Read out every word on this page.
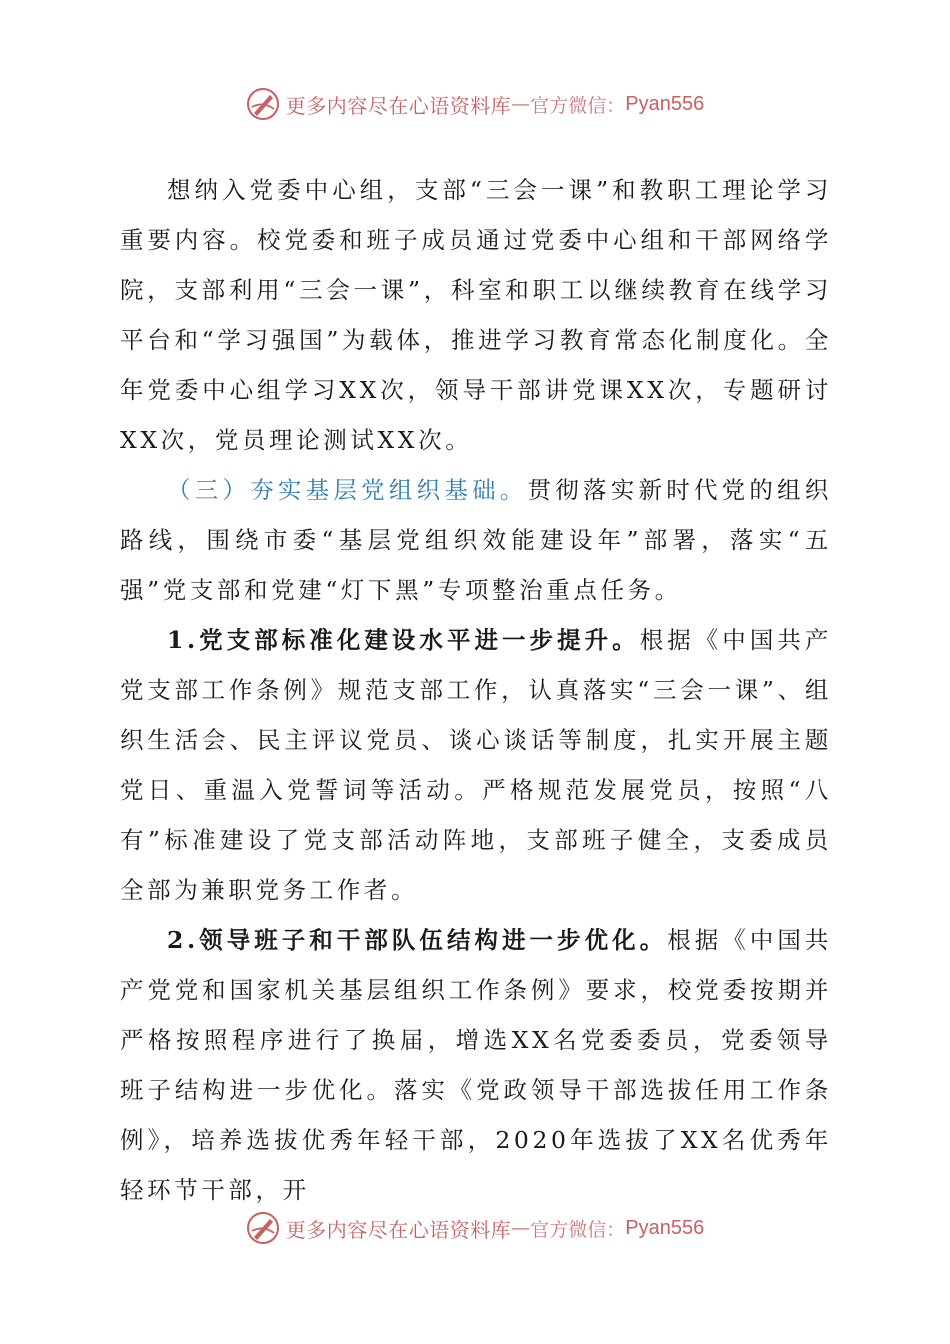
更多内容尽在心语资料库 — 官方微信： Pyan556

想纳入党委中心组，支部“三会一课”和教职工理论学习重要内容。校党委和班子成员通过党委中心组和干部网络学院，支部利用“三会一课”，科室和职工以继续教育在线学习平台和“学习强国”为载体，推进学习教育常态化制度化。全年党委中心组学习XX次，领导干部讲党课XX次，专题研讨XX次，党员理论测试XX次。

（三）夯实基层党组织基础。贯彻落实新时代党的组织路线，围绕市委“基层党组织效能建设年”部署，落实“五强”党支部和党建“灯下黑”专项整治重点任务。

1.党支部标准化建设水平进一步提升。根据《中国共产党支部工作条例》规范支部工作，认真落实“三会一课”、组织生活会、民主评议党员、谈心谈话等制度，扎实开展主题党日、重温入党誓词等活动。严格规范发展党员，按照“八有”标准建设了党支部活动阵地，支部班子健全，支委成员全部为兼职党务工作者。

2.领导班子和干部队伍结构进一步优化。根据《中国共产党党和国家机关基层组织工作条例》要求，校党委按期并严格按照程序进行了换届，增选XX名党委委员，党委领导班子结构进一步优化。落实《党政领导干部选拔任用工作条例》，培养选拔优秀年轻干部，2020年选拔了XX名优秀年轻环节干部，开

更多内容尽在心语资料库 — 官方微信： Pyan556
